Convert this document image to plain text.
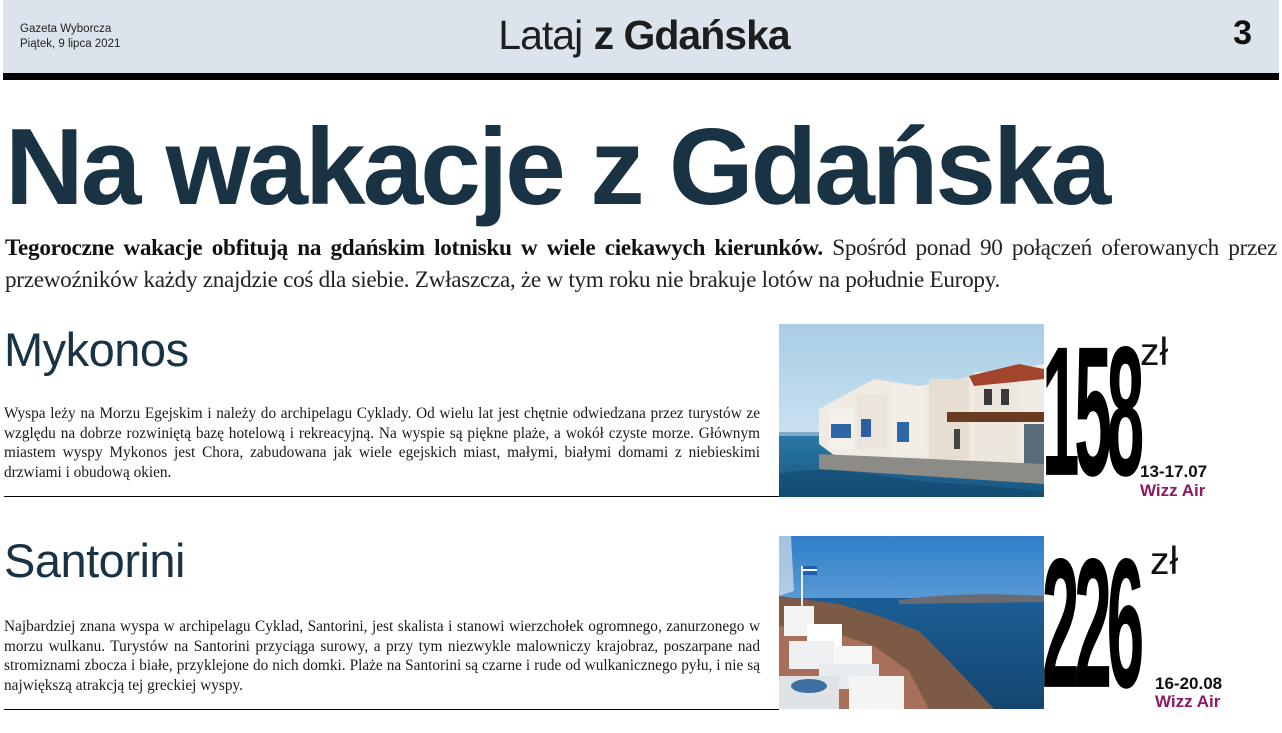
Gazeta Wyborcza
Piątek, 9 lipca 2021	Lataj z Gdańska	3
Na wakacje z Gdańska
Tegoroczne wakacje obfitują na gdańskim lotnisku w wiele ciekawych kierunków. Spośród ponad 90 połączeń oferowanych przez przewoźników każdy znajdzie coś dla siebie. Zwłaszcza, że w tym roku nie brakuje lotów na południe Europy.
Mykonos
Wyspa leży na Morzu Egejskim i należy do archipelagu Cyklady. Od wielu lat jest chętnie odwiedzana przez turystów ze względu na dobrze rozwiniętą bazę hotelową i rekreacyjną. Na wyspie są piękne plaże, a wokół czyste morze. Głównym miastem wyspy Mykonos jest Chora, zabudowana jak wiele egejskich miast, małymi, białymi domami z niebieskimi drzwiami i obudową okien.	158 zł
13-17.07
Wizz Air
Santorini
Najbardziej znana wyspa w archipelagu Cyklad, Santorini, jest skalista i stanowi wierzchołek ogromnego, zanurzonego w morzu wulkanu. Turystów na Santorini przyciąga surowy, a przy tym niezwykle malowniczy krajobraz, poszarpane nad stromiznami zbocza i białe, przyklejone do nich domki. Plaże na Santorini są czarne i rude od wulkanicznego pyłu, i nie są największą atrakcją tej greckiej wyspy.	226 zł
16-20.08
Wizz Air
